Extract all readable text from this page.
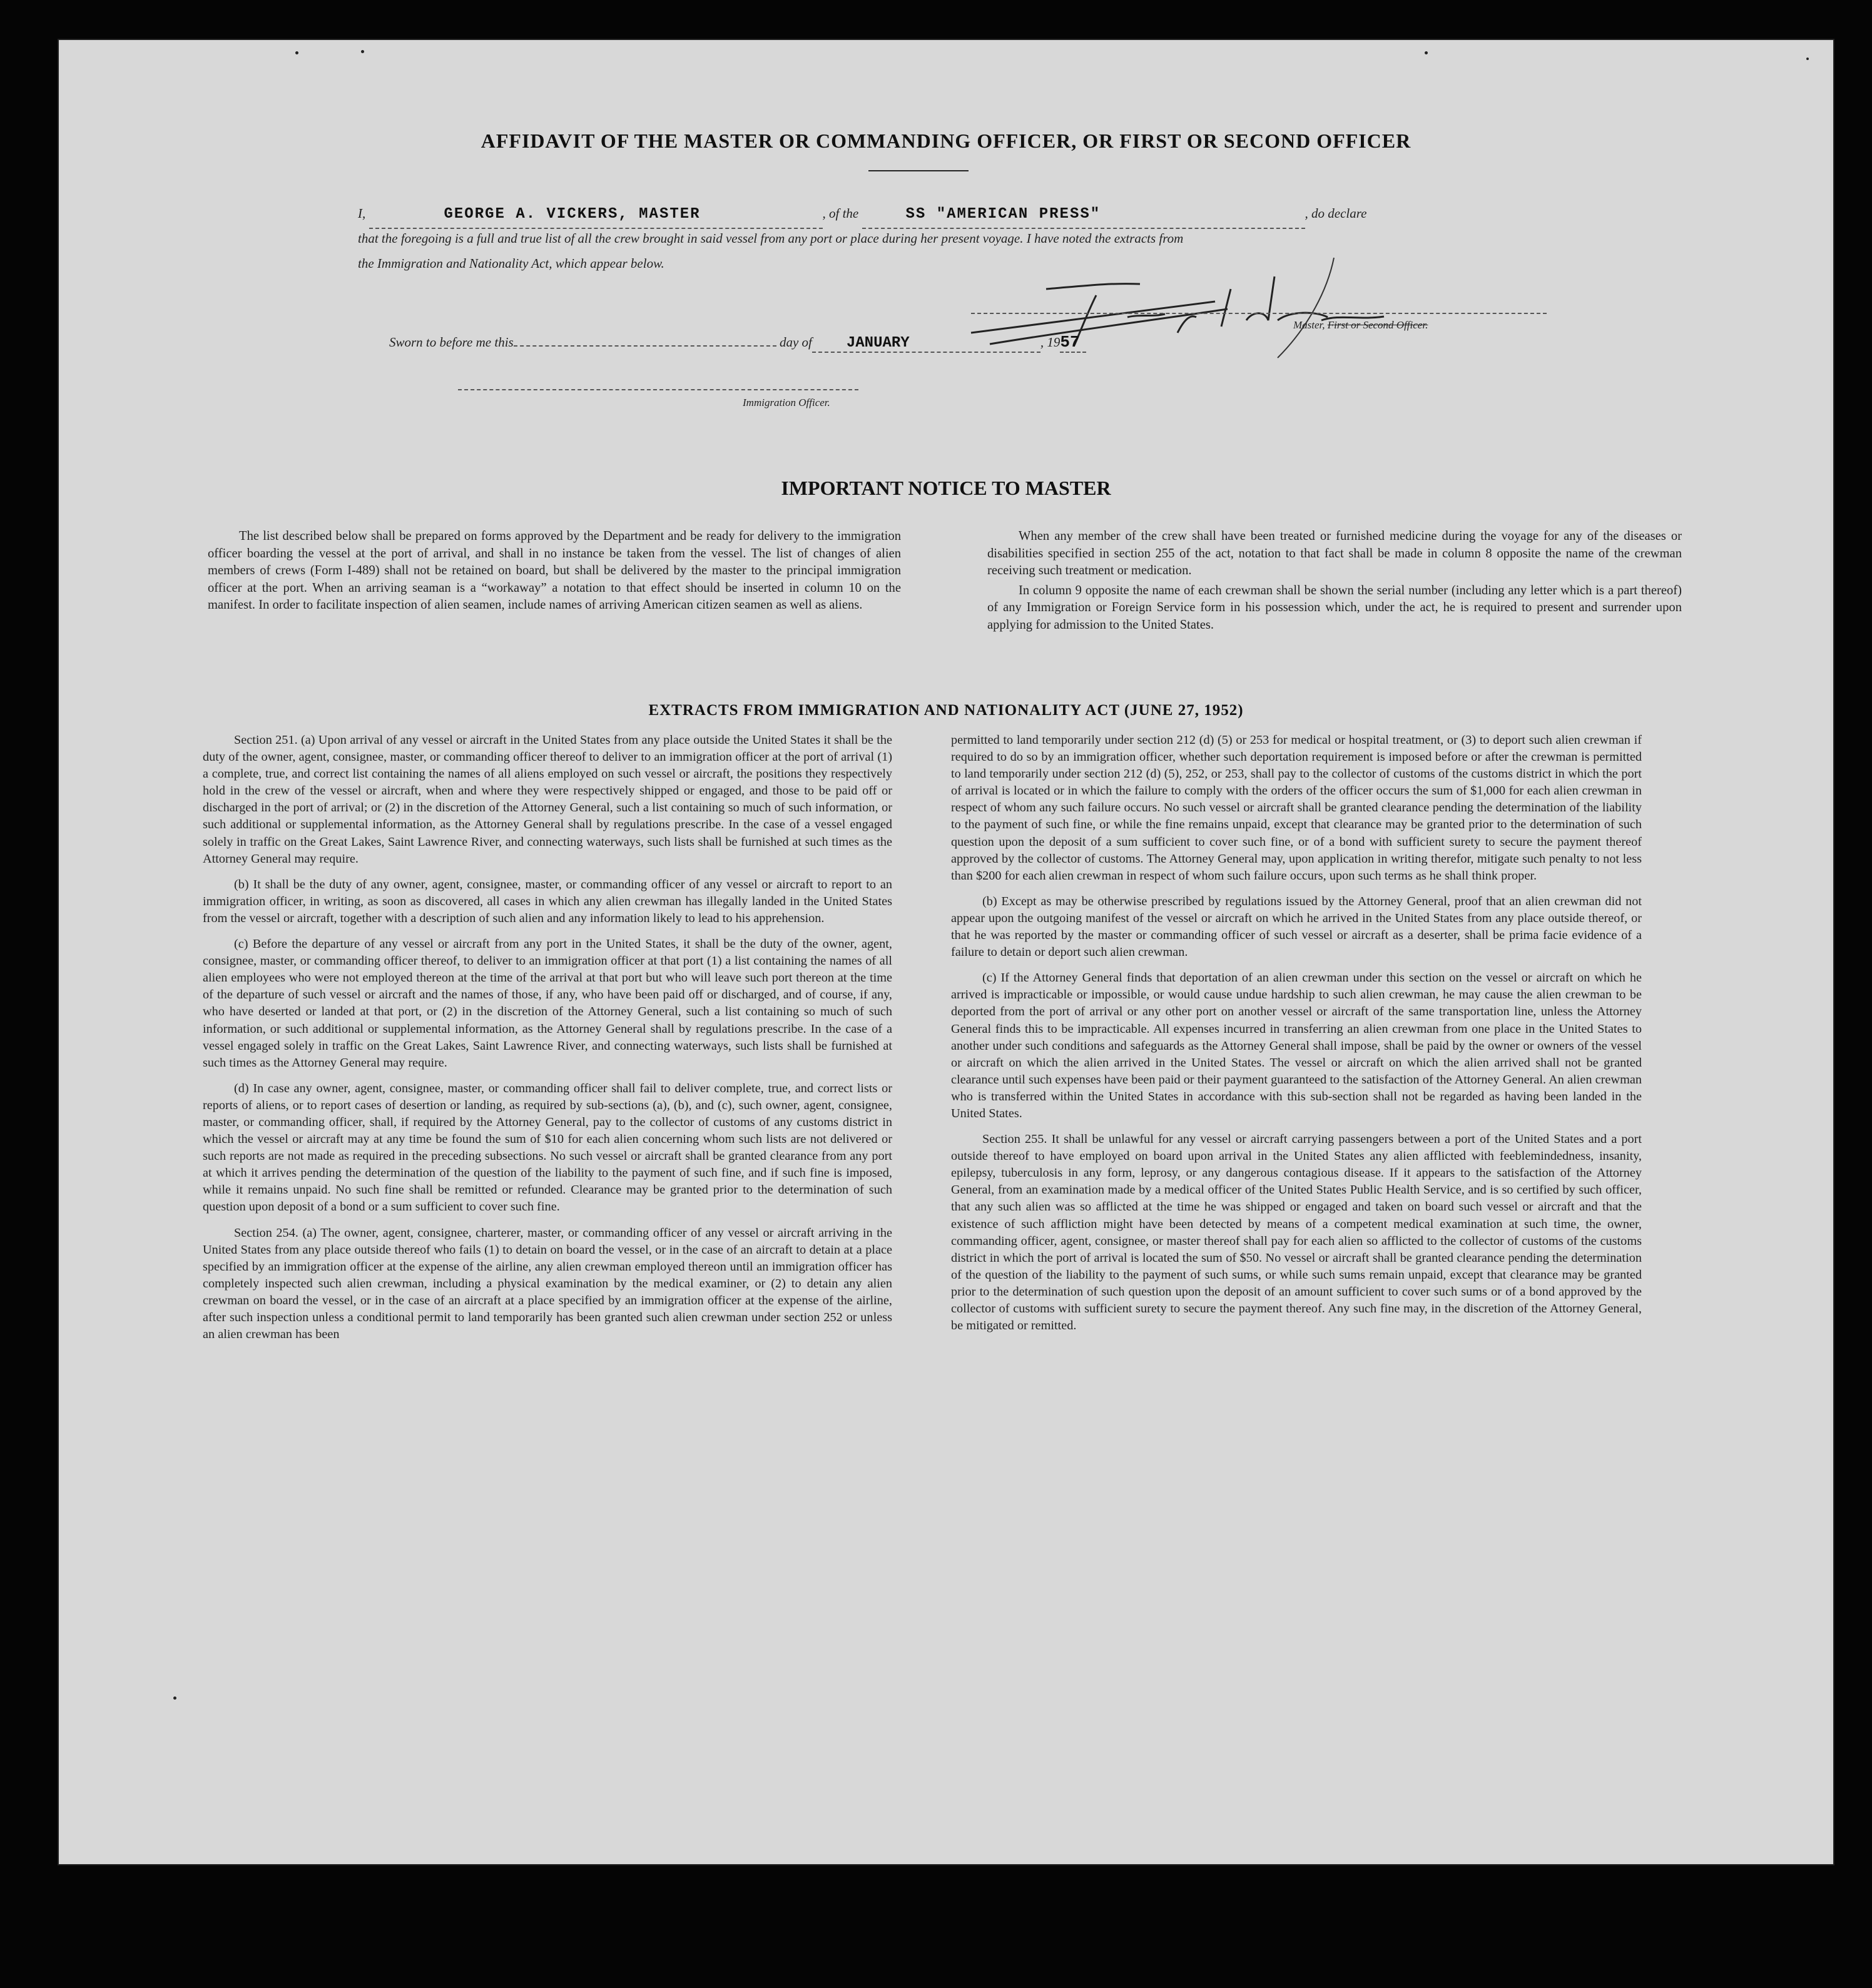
AFFIDAVIT OF THE MASTER OR COMMANDING OFFICER, OR FIRST OR SECOND OFFICER
I,	GEORGE A. VICKERS, MASTER	, of the	SS "AMERICAN PRESS"	, do declare
that the foregoing is a full and true list of all the crew brought in said vessel from any port or place during her present voyage. I have noted the extracts from
the Immigration and Nationality Act, which appear below.
Master, First or Second Officer.
Sworn to before me this	day of JANUARY	, 1957
Immigration Officer.
IMPORTANT NOTICE TO MASTER

The list described below shall be prepared on forms approved by the Department and be ready for delivery to the immigration officer boarding the vessel at the port of arrival, and shall in no instance be taken from the vessel. The list of changes of alien members of crews (Form I-489) shall not be retained on board, but shall be delivered by the master to the principal immigration officer at the port. When an arriving seaman is a “workaway” a notation to that effect should be inserted in column 10 on the manifest. In order to facilitate inspection of alien seamen, include names of arriving American citizen seamen as well as aliens.

When any member of the crew shall have been treated or furnished medicine during the voyage for any of the diseases or disabilities specified in section 255 of the act, notation to that fact shall be made in column 8 opposite the name of the crewman receiving such treatment or medication.

In column 9 opposite the name of each crewman shall be shown the serial number (including any letter which is a part thereof) of any Immigration or Foreign Service form in his possession which, under the act, he is required to present and surrender upon applying for admission to the United States.

EXTRACTS FROM IMMIGRATION AND NATIONALITY ACT (JUNE 27, 1952)

Section 251. (a) Upon arrival of any vessel or aircraft in the United States from any place outside the United States it shall be the duty of the owner, agent, consignee, master, or commanding officer thereof to deliver to an immigration officer at the port of arrival (1) a complete, true, and correct list containing the names of all aliens employed on such vessel or aircraft, the positions they respectively hold in the crew of the vessel or aircraft, when and where they were respectively shipped or engaged, and those to be paid off or discharged in the port of arrival; or (2) in the discretion of the Attorney General, such a list containing so much of such information, or such additional or supplemental information, as the Attorney General shall by regulations prescribe. In the case of a vessel engaged solely in traffic on the Great Lakes, Saint Lawrence River, and connecting waterways, such lists shall be furnished at such times as the Attorney General may require.

(b) It shall be the duty of any owner, agent, consignee, master, or commanding officer of any vessel or aircraft to report to an immigration officer, in writing, as soon as discovered, all cases in which any alien crewman has illegally landed in the United States from the vessel or aircraft, together with a description of such alien and any information likely to lead to his apprehension.

(c) Before the departure of any vessel or aircraft from any port in the United States, it shall be the duty of the owner, agent, consignee, master, or commanding officer thereof, to deliver to an immigration officer at that port (1) a list containing the names of all alien employees who were not employed thereon at the time of the arrival at that port but who will leave such port thereon at the time of the departure of such vessel or aircraft and the names of those, if any, who have been paid off or discharged, and of course, if any, who have deserted or landed at that port, or (2) in the discretion of the Attorney General, such a list containing so much of such information, or such additional or supplemental information, as the Attorney General shall by regulations prescribe. In the case of a vessel engaged solely in traffic on the Great Lakes, Saint Lawrence River, and connecting waterways, such lists shall be furnished at such times as the Attorney General may require.

(d) In case any owner, agent, consignee, master, or commanding officer shall fail to deliver complete, true, and correct lists or reports of aliens, or to report cases of desertion or landing, as required by sub-sections (a), (b), and (c), such owner, agent, consignee, master, or commanding officer, shall, if required by the Attorney General, pay to the collector of customs of any customs district in which the vessel or aircraft may at any time be found the sum of $10 for each alien concerning whom such lists are not delivered or such reports are not made as required in the preceding subsections. No such vessel or aircraft shall be granted clearance from any port at which it arrives pending the determination of the question of the liability to the payment of such fine, and if such fine is imposed, while it remains unpaid. No such fine shall be remitted or refunded. Clearance may be granted prior to the determination of such question upon deposit of a bond or a sum sufficient to cover such fine.

Section 254. (a) The owner, agent, consignee, charterer, master, or commanding officer of any vessel or aircraft arriving in the United States from any place outside thereof who fails (1) to detain on board the vessel, or in the case of an aircraft to detain at a place specified by an immigration officer at the expense of the airline, any alien crewman employed thereon until an immigration officer has completely inspected such alien crewman, including a physical examination by the medical examiner, or (2) to detain any alien crewman on board the vessel, or in the case of an aircraft at a place specified by an immigration officer at the expense of the airline, after such inspection unless a conditional permit to land temporarily has been granted such alien crewman under section 252 or unless an alien crewman has been

permitted to land temporarily under section 212 (d) (5) or 253 for medical or hospital treatment, or (3) to deport such alien crewman if required to do so by an immigration officer, whether such deportation requirement is imposed before or after the crewman is permitted to land temporarily under section 212 (d) (5), 252, or 253, shall pay to the collector of customs of the customs district in which the port of arrival is located or in which the failure to comply with the orders of the officer occurs the sum of $1,000 for each alien crewman in respect of whom any such failure occurs. No such vessel or aircraft shall be granted clearance pending the determination of the liability to the payment of such fine, or while the fine remains unpaid, except that clearance may be granted prior to the determination of such question upon the deposit of a sum sufficient to cover such fine, or of a bond with sufficient surety to secure the payment thereof approved by the collector of customs. The Attorney General may, upon application in writing therefor, mitigate such penalty to not less than $200 for each alien crewman in respect of whom such failure occurs, upon such terms as he shall think proper.

(b) Except as may be otherwise prescribed by regulations issued by the Attorney General, proof that an alien crewman did not appear upon the outgoing manifest of the vessel or aircraft on which he arrived in the United States from any place outside thereof, or that he was reported by the master or commanding officer of such vessel or aircraft as a deserter, shall be prima facie evidence of a failure to detain or deport such alien crewman.

(c) If the Attorney General finds that deportation of an alien crewman under this section on the vessel or aircraft on which he arrived is impracticable or impossible, or would cause undue hardship to such alien crewman, he may cause the alien crewman to be deported from the port of arrival or any other port on another vessel or aircraft of the same transportation line, unless the Attorney General finds this to be impracticable. All expenses incurred in transferring an alien crewman from one place in the United States to another under such conditions and safeguards as the Attorney General shall impose, shall be paid by the owner or owners of the vessel or aircraft on which the alien arrived in the United States. The vessel or aircraft on which the alien arrived shall not be granted clearance until such expenses have been paid or their payment guaranteed to the satisfaction of the Attorney General. An alien crewman who is transferred within the United States in accordance with this sub-section shall not be regarded as having been landed in the United States.

Section 255. It shall be unlawful for any vessel or aircraft carrying passengers between a port of the United States and a port outside thereof to have employed on board upon arrival in the United States any alien afflicted with feeblemindedness, insanity, epilepsy, tuberculosis in any form, leprosy, or any dangerous contagious disease. If it appears to the satisfaction of the Attorney General, from an examination made by a medical officer of the United States Public Health Service, and is so certified by such officer, that any such alien was so afflicted at the time he was shipped or engaged and taken on board such vessel or aircraft and that the existence of such affliction might have been detected by means of a competent medical examination at such time, the owner, commanding officer, agent, consignee, or master thereof shall pay for each alien so afflicted to the collector of customs of the customs district in which the port of arrival is located the sum of $50. No vessel or aircraft shall be granted clearance pending the determination of the question of the liability to the payment of such sums, or while such sums remain unpaid, except that clearance may be granted prior to the determination of such question upon the deposit of an amount sufficient to cover such sums or of a bond approved by the collector of customs with sufficient surety to secure the payment thereof. Any such fine may, in the discretion of the Attorney General, be mitigated or remitted.
